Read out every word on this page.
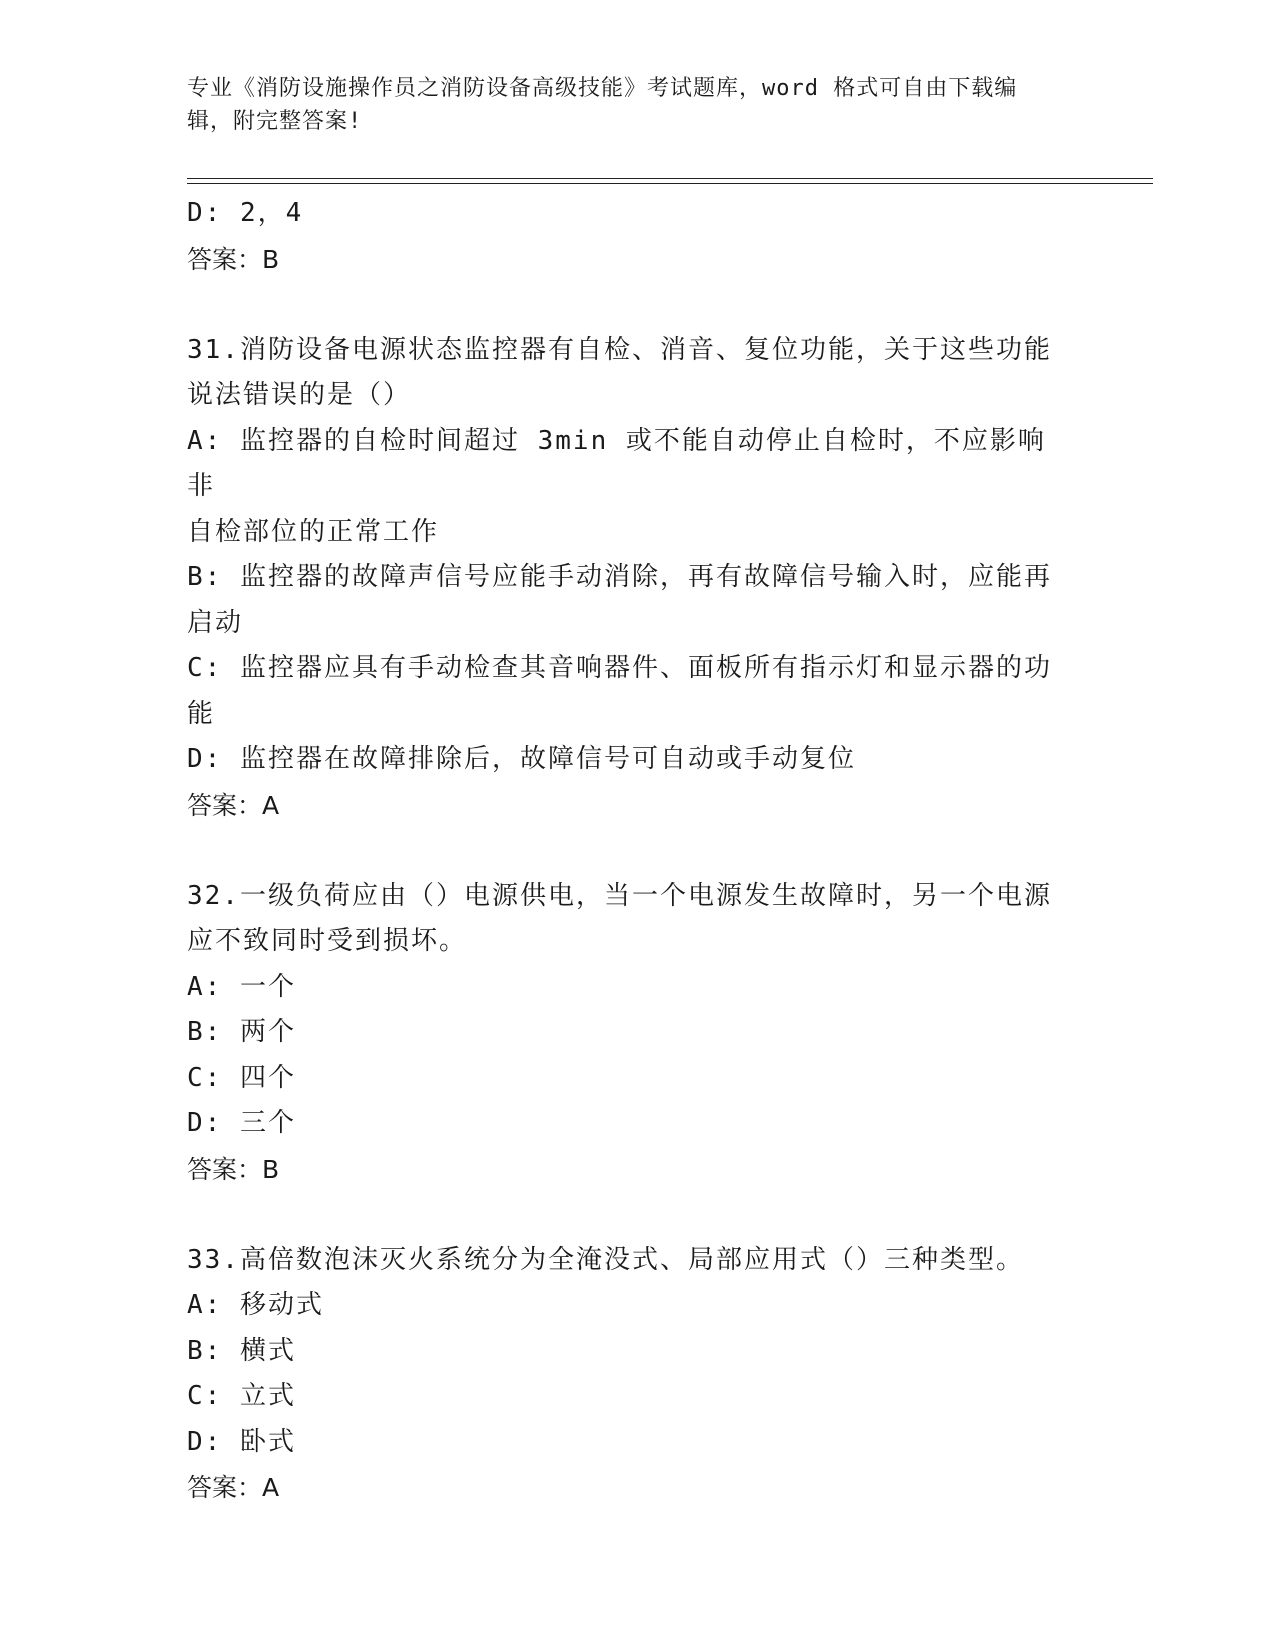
专业《消防设施操作员之消防设备高级技能》考试题库，word 格式可自由下载编
辑，附完整答案!
D: 2，4
答案：B
31.消防设备电源状态监控器有自检、消音、复位功能，关于这些功能
说法错误的是（）
A: 监控器的自检时间超过 3min 或不能自动停止自检时，不应影响非
自检部位的正常工作
B: 监控器的故障声信号应能手动消除，再有故障信号输入时，应能再
启动
C: 监控器应具有手动检查其音响器件、面板所有指示灯和显示器的功
能
D: 监控器在故障排除后，故障信号可自动或手动复位
答案：A
32.一级负荷应由（）电源供电，当一个电源发生故障时，另一个电源
应不致同时受到损坏。
A: 一个
B: 两个
C: 四个
D: 三个
答案：B
33.高倍数泡沫灭火系统分为全淹没式、局部应用式（）三种类型。
A: 移动式
B: 横式
C: 立式
D: 卧式
答案：A
